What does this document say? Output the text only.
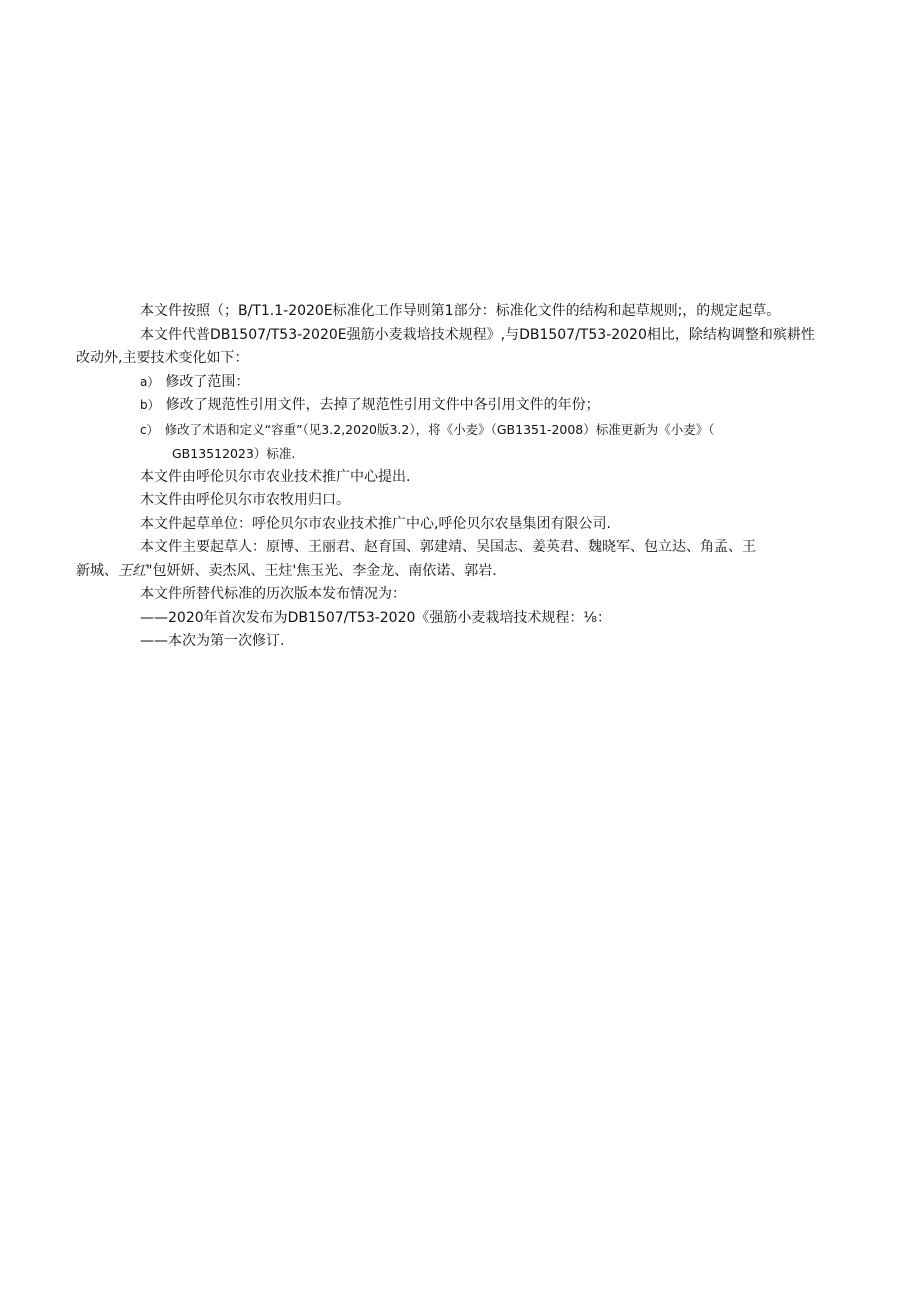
本文件按照（；B/T1.1-2020E标准化工作导则第1部分：标准化文件的结构和起草规则;，的规定起草。

本文件代普DB1507/T53-2020E强筋小麦栽培技术规程》,与DB1507/T53-2020相比，除结构调整和殡耕性
改动外,主要技术变化如下：

a） 修改了范围：

b） 修改了规范性引用文件，去掉了规范性引用文件中各引用文件的年份；

c） 修改了术语和定义“容重”（见3.2,2020版3.2），将《小麦》（GB1351-2008）标准更新为《小麦》（
GB13512023）标准.

本文件由呼伦贝尔市农业技术推广中心提出.

木文件由呼伦贝尔市农牧用归口。

本文件起草单位：呼伦贝尔市农业技术推广中心,呼伦贝尔农垦集团有限公司.

本文件主要起草人：原博、王丽君、赵育国、郭建靖、吴国志、姜英君、魏晓军、包立达、角孟、王
新城、王红"包妍妍、卖杰风、王炷'焦玉光、李金龙、南依诺、郭岩.

本文件所替代标准的历次版本发布情况为：

——2020年首次发布为DB1507/T53-2020《强筋小麦栽培技术规程：⅛：

——本次为第一次修订.
